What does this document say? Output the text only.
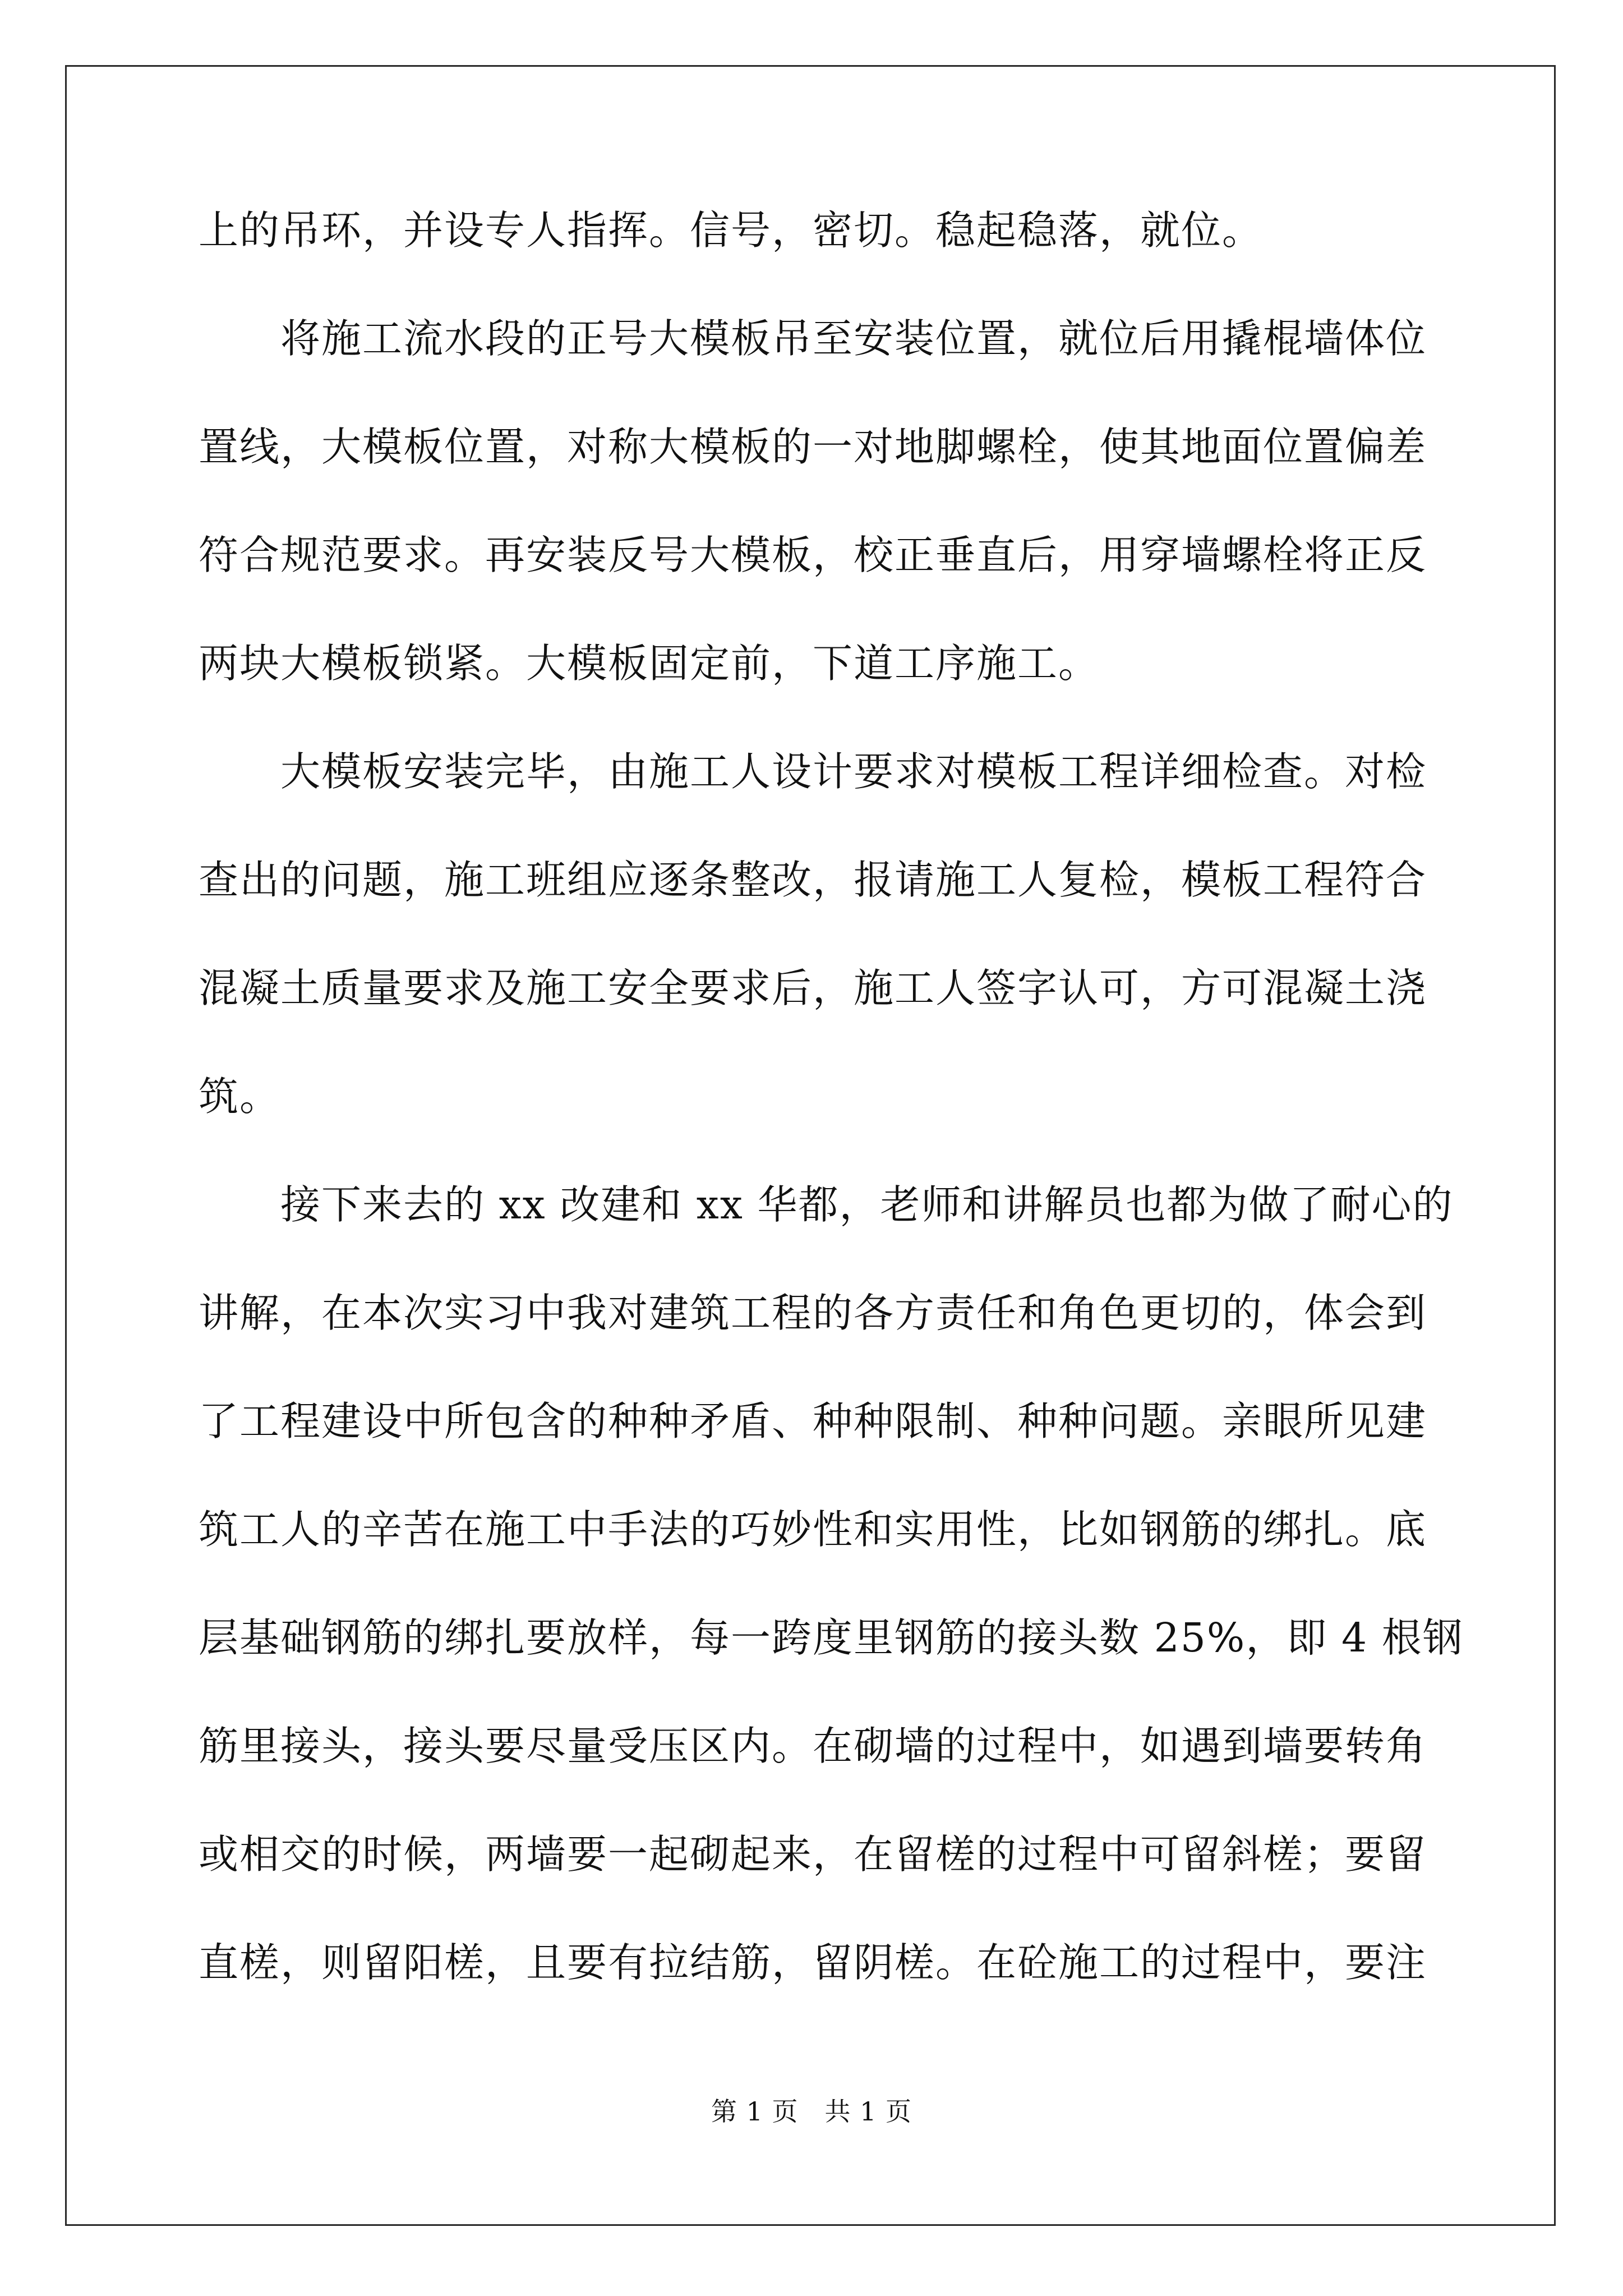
上的吊环，并设专人指挥。信号，密切。稳起稳落，就位。
将施工流水段的正号大模板吊至安装位置，就位后用撬棍墙体位
置线，大模板位置，对称大模板的一对地脚螺栓，使其地面位置偏差
符合规范要求。再安装反号大模板，校正垂直后，用穿墙螺栓将正反
两块大模板锁紧。大模板固定前，下道工序施工。
大模板安装完毕，由施工人设计要求对模板工程详细检查。对检
查出的问题，施工班组应逐条整改，报请施工人复检，模板工程符合
混凝土质量要求及施工安全要求后，施工人签字认可，方可混凝土浇
筑。
接下来去的 xx 改建和 xx 华都，老师和讲解员也都为做了耐心的
讲解，在本次实习中我对建筑工程的各方责任和角色更切的，体会到
了工程建设中所包含的种种矛盾、种种限制、种种问题。亲眼所见建
筑工人的辛苦在施工中手法的巧妙性和实用性，比如钢筋的绑扎。底
层基础钢筋的绑扎要放样，每一跨度里钢筋的接头数 25%，即 4 根钢
筋里接头，接头要尽量受压区内。在砌墙的过程中，如遇到墙要转角
或相交的时候，两墙要一起砌起来，在留槎的过程中可留斜槎；要留
直槎，则留阳槎，且要有拉结筋，留阴槎。在砼施工的过程中，要注
第 1 页　共 1 页
